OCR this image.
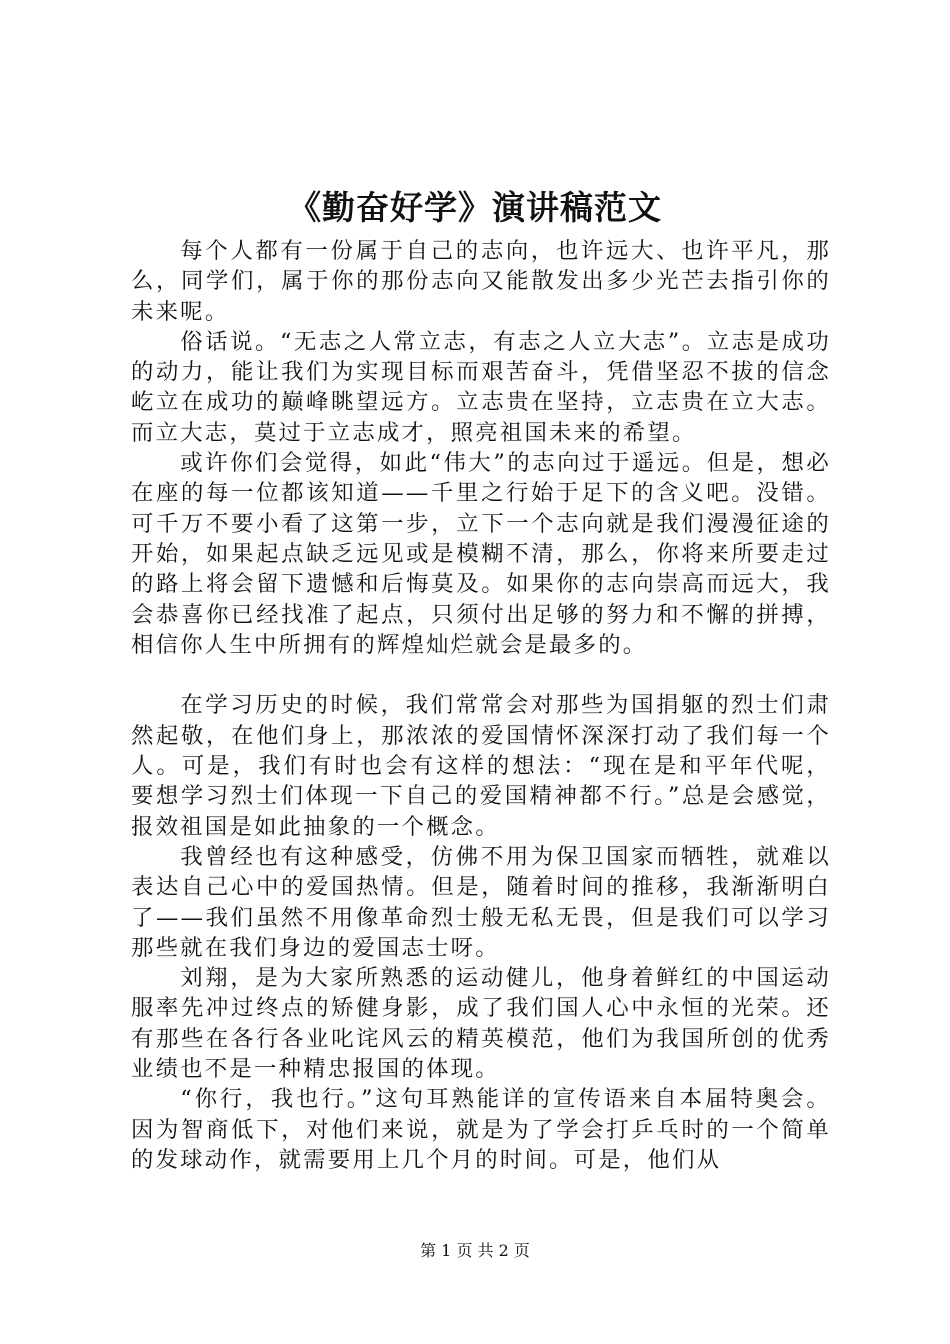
《勤奋好学》演讲稿范文

每个人都有一份属于自己的志向，也许远大、也许平凡，那么，同学们，属于你的那份志向又能散发出多少光芒去指引你的未来呢。

俗话说。“无志之人常立志，有志之人立大志”。立志是成功的动力，能让我们为实现目标而艰苦奋斗，凭借坚忍不拔的信念屹立在成功的巅峰眺望远方。立志贵在坚持，立志贵在立大志。而立大志，莫过于立志成才，照亮祖国未来的希望。

或许你们会觉得，如此“伟大”的志向过于遥远。但是，想必在座的每一位都该知道——千里之行始于足下的含义吧。没错。可千万不要小看了这第一步，立下一个志向就是我们漫漫征途的开始，如果起点缺乏远见或是模糊不清，那么，你将来所要走过的路上将会留下遗憾和后悔莫及。如果你的志向崇高而远大，我会恭喜你已经找准了起点，只须付出足够的努力和不懈的拼搏，相信你人生中所拥有的辉煌灿烂就会是最多的。

在学习历史的时候，我们常常会对那些为国捐躯的烈士们肃然起敬，在他们身上，那浓浓的爱国情怀深深打动了我们每一个人。可是，我们有时也会有这样的想法：“现在是和平年代呢，要想学习烈士们体现一下自己的爱国精神都不行。”总是会感觉，报效祖国是如此抽象的一个概念。

我曾经也有这种感受，仿佛不用为保卫国家而牺牲，就难以表达自己心中的爱国热情。但是，随着时间的推移，我渐渐明白了——我们虽然不用像革命烈士般无私无畏，但是我们可以学习那些就在我们身边的爱国志士呀。

刘翔，是为大家所熟悉的运动健儿，他身着鲜红的中国运动服率先冲过终点的矫健身影，成了我们国人心中永恒的光荣。还有那些在各行各业叱诧风云的精英模范，他们为我国所创的优秀业绩也不是一种精忠报国的体现。

“你行，我也行。”这句耳熟能详的宣传语来自本届特奥会。因为智商低下，对他们来说，就是为了学会打乒乓时的一个简单的发球动作，就需要用上几个月的时间。可是，他们从

第 1 页 共 2 页
